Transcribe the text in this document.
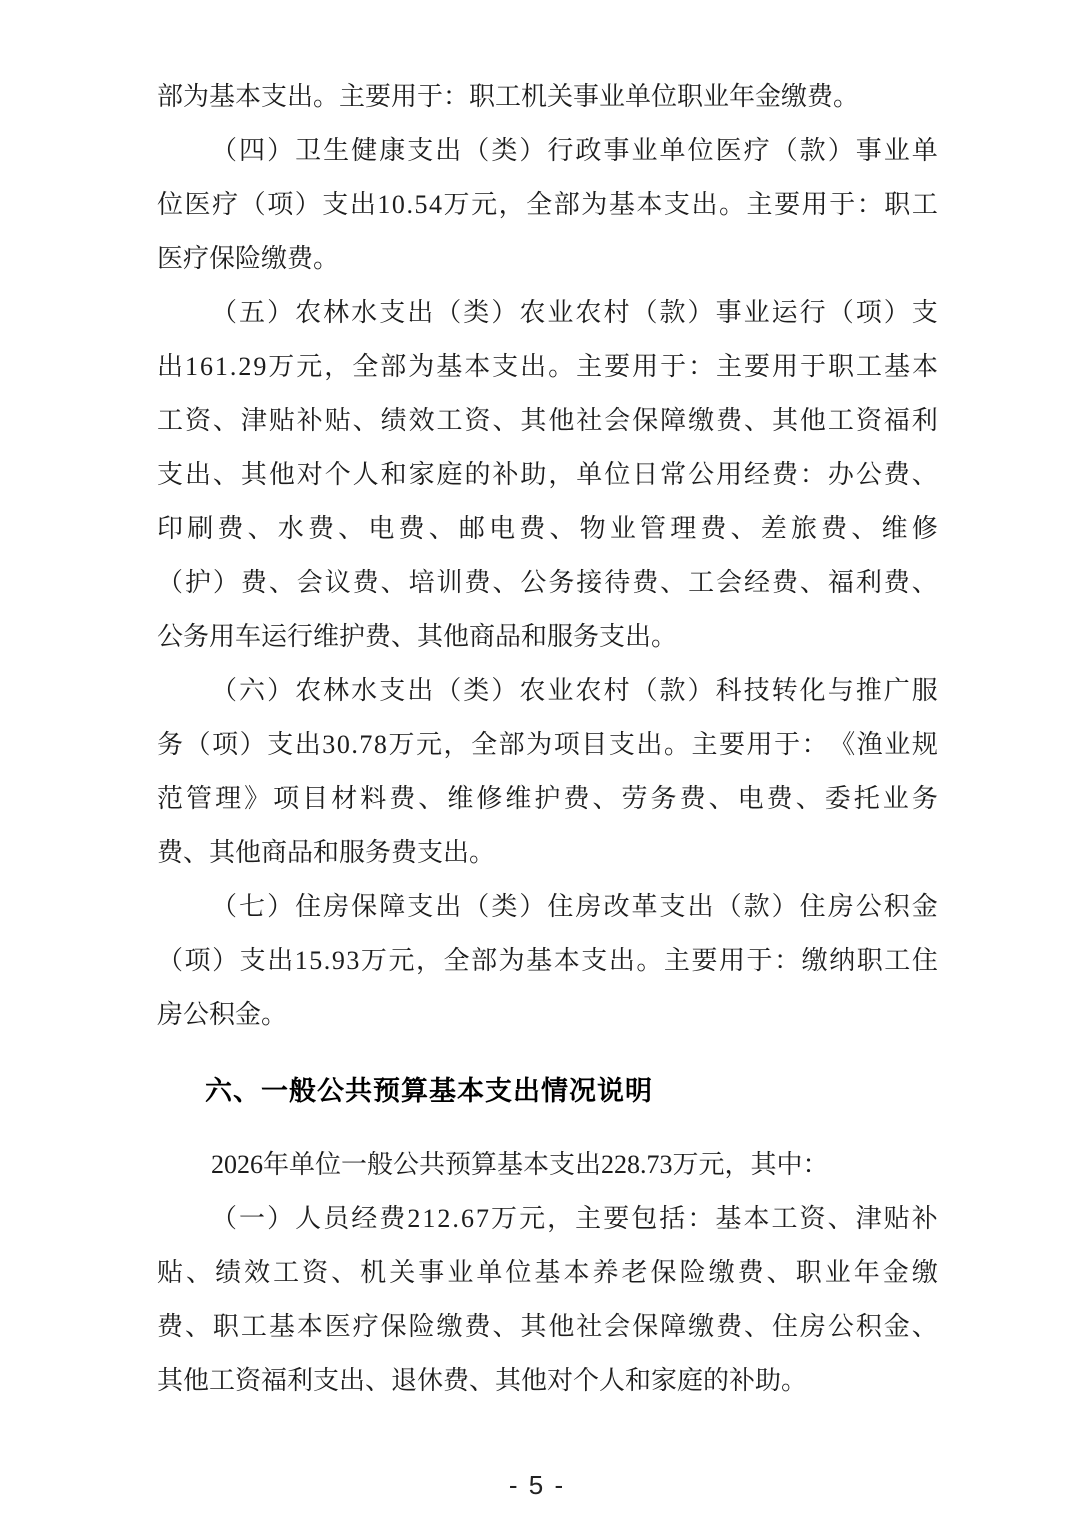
部为基本支出。主要用于：职工机关事业单位职业年金缴费。
（ 四 ） 卫 生 健 康 支 出 （ 类 ） 行 政 事 业 单 位 医 疗 （ 款 ） 事 业 单
位 医 疗 （ 项 ） 支 出 1 0 . 5 4 万 元 ， 全 部 为 基 本 支 出 。 主 要 用 于 ： 职 工
医疗保险缴费。
（ 五 ） 农 林 水 支 出 （ 类 ） 农 业 农 村 （ 款 ） 事 业 运 行 （ 项 ） 支
出 1 6 1 . 2 9 万 元 ， 全 部 为 基 本 支 出 。 主 要 用 于 ： 主 要 用 于 职 工 基 本
工 资 、 津 贴 补 贴 、 绩 效 工 资 、 其 他 社 会 保 障 缴 费 、 其 他 工 资 福 利
支 出 、 其 他 对 个 人 和 家 庭 的 补 助 ， 单 位 日 常 公 用 经 费 ： 办 公 费 、
印 刷 费 、 水 费 、 电 费 、 邮 电 费 、 物 业 管 理 费 、 差 旅 费 、 维 修
（ 护 ） 费 、 会 议 费 、 培 训 费 、 公 务 接 待 费 、 工 会 经 费 、 福 利 费 、
公务用车运行维护费、其他商品和服务支出。
（ 六 ） 农 林 水 支 出 （ 类 ） 农 业 农 村 （ 款 ） 科 技 转 化 与 推 广 服
务 （ 项 ） 支 出 3 0 . 7 8 万 元 ， 全 部 为 项 目 支 出 。 主 要 用 于 ： 《 渔 业 规
范 管 理 》 项 目 材 料 费 、 维 修 维 护 费 、 劳 务 费 、 电 费 、 委 托 业 务
费、其他商品和服务费支出。
（ 七 ） 住 房 保 障 支 出 （ 类 ） 住 房 改 革 支 出 （ 款 ） 住 房 公 积 金
（ 项 ） 支 出 1 5 . 9 3 万 元 ， 全 部 为 基 本 支 出 。 主 要 用 于 ： 缴 纳 职 工 住
房公积金。
六、一般公共预算基本支出情况说明
2026年单位一般公共预算基本支出228.73万元，其中：
（ 一 ） 人 员 经 费 2 1 2 . 6 7 万 元 ， 主 要 包 括 ： 基 本 工 资 、 津 贴 补
贴 、 绩 效 工 资 、 机 关 事 业 单 位 基 本 养 老 保 险 缴 费 、 职 业 年 金 缴
费 、 职 工 基 本 医 疗 保 险 缴 费 、 其 他 社 会 保 障 缴 费 、 住 房 公 积 金 、
其他工资福利支出、退休费、其他对个人和家庭的补助。
- 5 -
